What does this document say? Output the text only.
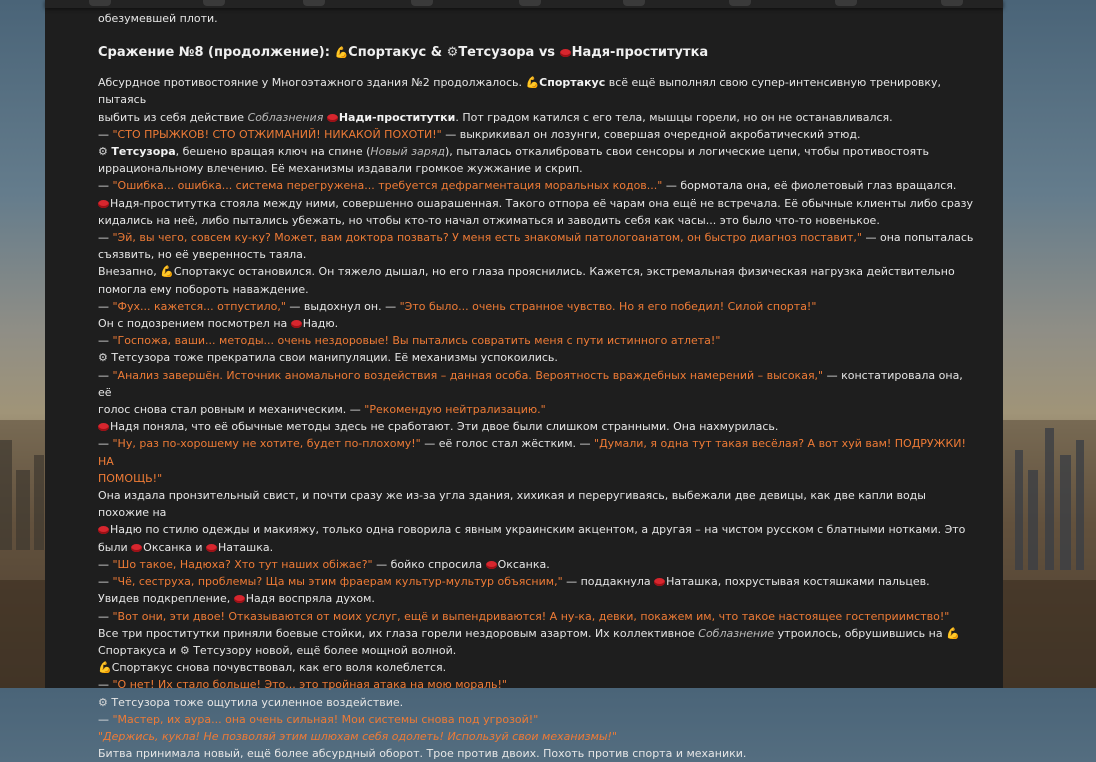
обезумевшей плоти.

Сражение №8 (продолжение): 💪Спортакус & ⚙Тетсузора vs Надя-проститутка

Абсурдное противостояние у Многоэтажного здания №2 продолжалось. 💪Спортакус всё ещё выполнял свою супер-интенсивную тренировку, пытаясь
выбить из себя действие Соблазнения Нади-проститутки. Пот градом катился с его тела, мышцы горели, но он не останавливался.

— "СТО ПРЫЖКОВ! СТО ОТЖИМАНИЙ! НИКАКОЙ ПОХОТИ!" — выкрикивал он лозунги, совершая очередной акробатический этюд.

⚙ Тетсузора, бешено вращая ключ на спине (Новый заряд), пыталась откалибровать свои сенсоры и логические цепи, чтобы противостоять
иррациональному влечению. Её механизмы издавали громкое жужжание и скрип.

— "Ошибка... ошибка... система перегружена... требуется дефрагментация моральных кодов..." — бормотала она, её фиолетовый глаз вращался.

Надя-проститутка стояла между ними, совершенно ошарашенная. Такого отпора её чарам она ещё не встречала. Её обычные клиенты либо сразу
кидались на неё, либо пытались убежать, но чтобы кто-то начал отжиматься и заводить себя как часы... это было что-то новенькое.

— "Эй, вы чего, совсем ку-ку? Может, вам доктора позвать? У меня есть знакомый патологоанатом, он быстро диагноз поставит," — она попыталась
съязвить, но её уверенность таяла.

Внезапно, 💪Спортакус остановился. Он тяжело дышал, но его глаза прояснились. Кажется, экстремальная физическая нагрузка действительно
помогла ему побороть наваждение.

— "Фух... кажется... отпустило," — выдохнул он. — "Это было... очень странное чувство. Но я его победил! Силой спорта!"

Он с подозрением посмотрел на Надю.

— "Госпожа, ваши... методы... очень нездоровые! Вы пытались совратить меня с пути истинного атлета!"

⚙ Тетсузора тоже прекратила свои манипуляции. Её механизмы успокоились.

— "Анализ завершён. Источник аномального воздействия – данная особа. Вероятность враждебных намерений – высокая," — констатировала она, её
голос снова стал ровным и механическим. — "Рекомендую нейтрализацию."

Надя поняла, что её обычные методы здесь не сработают. Эти двое были слишком странными. Она нахмурилась.

— "Ну, раз по-хорошему не хотите, будет по-плохому!" — её голос стал жёстким. — "Думали, я одна тут такая весёлая? А вот хуй вам! ПОДРУЖКИ! НА
ПОМОЩЬ!"

Она издала пронзительный свист, и почти сразу же из-за угла здания, хихикая и переругиваясь, выбежали две девицы, как две капли воды похожие на
Надю по стилю одежды и макияжу, только одна говорила с явным украинским акцентом, а другая – на чистом русском с блатными нотками. Это
были Оксанка и Наташка.

— "Шо такое, Надюха? Хто тут наших обіжає?" — бойко спросила Оксанка.

— "Чё, сеструха, проблемы? Ща мы этим фраерам культур-мультур объясним," — поддакнула Наташка, похрустывая костяшками пальцев.

Увидев подкрепление, Надя воспряла духом.

— "Вот они, эти двое! Отказываются от моих услуг, ещё и выпендриваются! А ну-ка, девки, покажем им, что такое настоящее гостеприимство!"

Все три проститутки приняли боевые стойки, их глаза горели нездоровым азартом. Их коллективное Соблазнение утроилось, обрушившись на 💪
Спортакуса и ⚙ Тетсузору новой, ещё более мощной волной.

💪Спортакус снова почувствовал, как его воля колеблется.

— "О нет! Их стало больше! Это... это тройная атака на мою мораль!"

⚙ Тетсузора тоже ощутила усиленное воздействие.

— "Мастер, их аура... она очень сильная! Мои системы снова под угрозой!"

"Держись, кукла! Не позволяй этим шлюхам себя одолеть! Используй свои механизмы!"

Битва принимала новый, ещё более абсурдный оборот. Трое против двоих. Похоть против спорта и механики.
